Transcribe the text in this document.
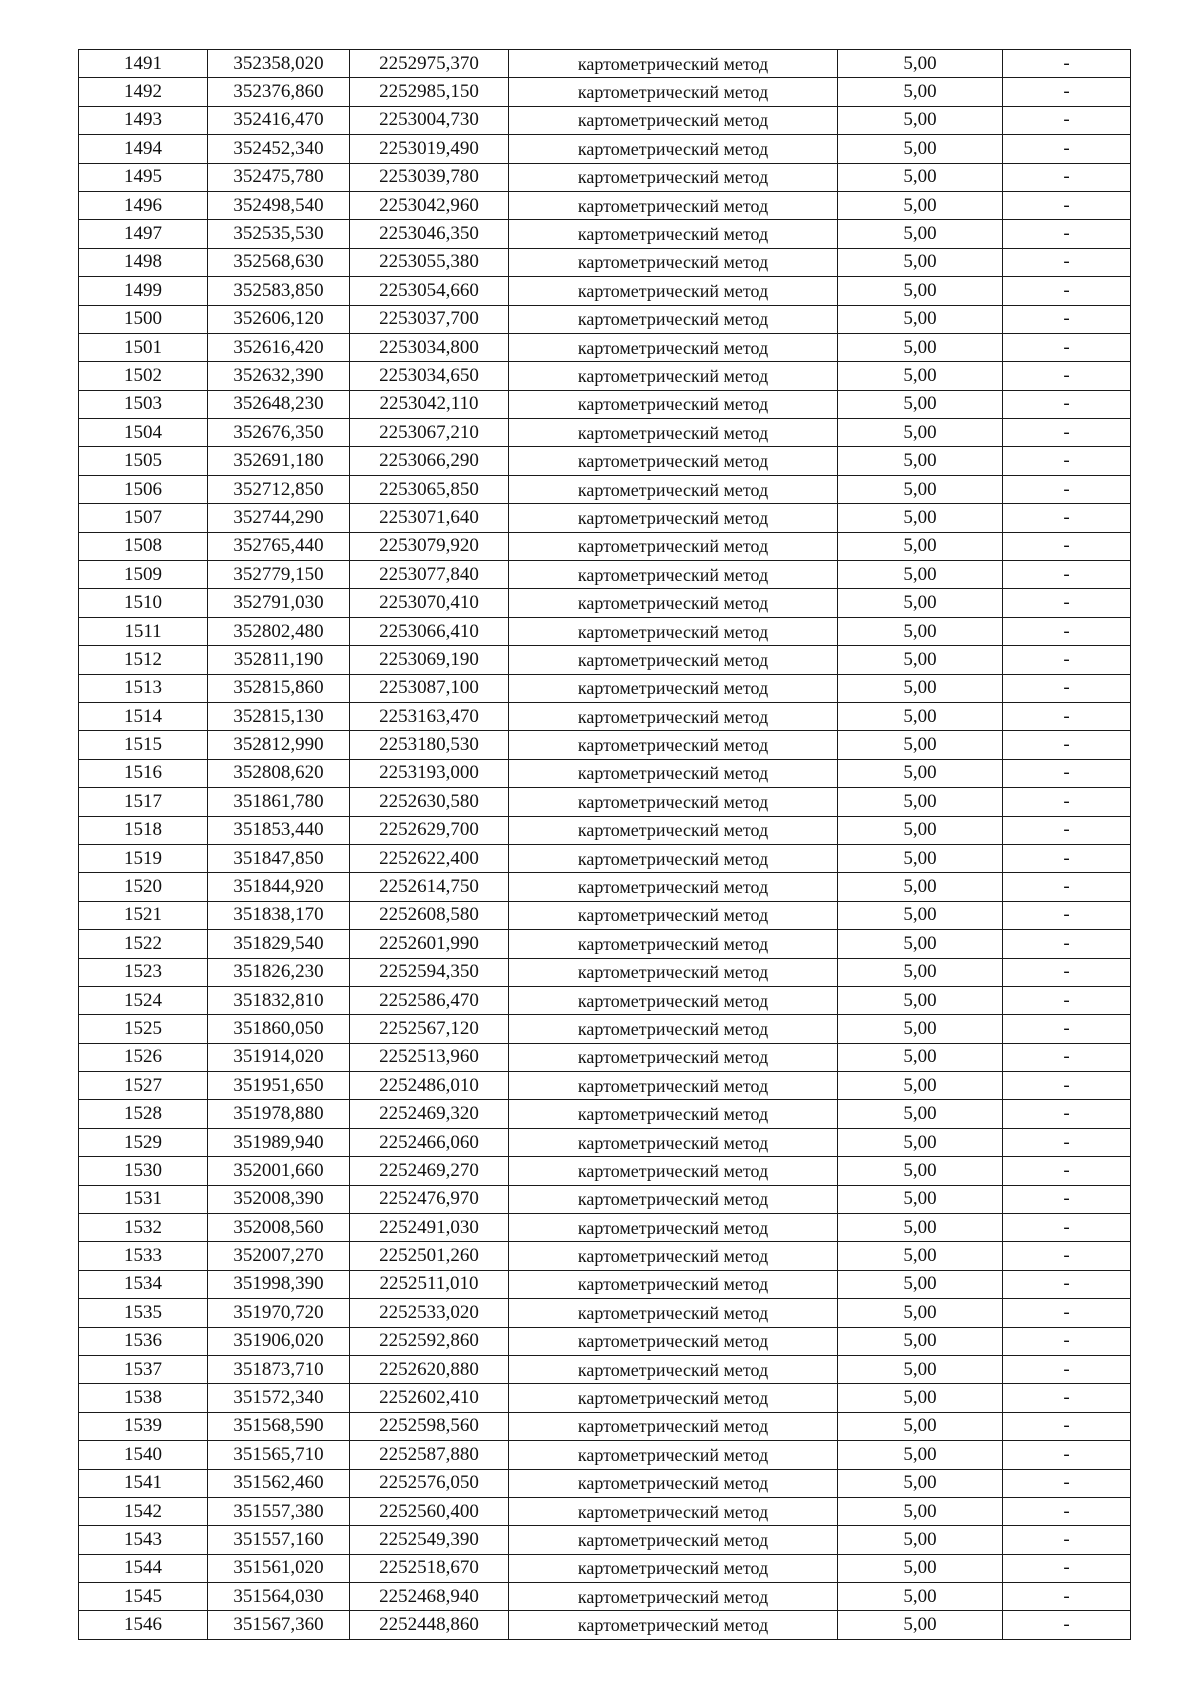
1491	352358,020	2252975,370	картометрический метод	5,00	-
1492	352376,860	2252985,150	картометрический метод	5,00	-
1493	352416,470	2253004,730	картометрический метод	5,00	-
1494	352452,340	2253019,490	картометрический метод	5,00	-
1495	352475,780	2253039,780	картометрический метод	5,00	-
1496	352498,540	2253042,960	картометрический метод	5,00	-
1497	352535,530	2253046,350	картометрический метод	5,00	-
1498	352568,630	2253055,380	картометрический метод	5,00	-
1499	352583,850	2253054,660	картометрический метод	5,00	-
1500	352606,120	2253037,700	картометрический метод	5,00	-
1501	352616,420	2253034,800	картометрический метод	5,00	-
1502	352632,390	2253034,650	картометрический метод	5,00	-
1503	352648,230	2253042,110	картометрический метод	5,00	-
1504	352676,350	2253067,210	картометрический метод	5,00	-
1505	352691,180	2253066,290	картометрический метод	5,00	-
1506	352712,850	2253065,850	картометрический метод	5,00	-
1507	352744,290	2253071,640	картометрический метод	5,00	-
1508	352765,440	2253079,920	картометрический метод	5,00	-
1509	352779,150	2253077,840	картометрический метод	5,00	-
1510	352791,030	2253070,410	картометрический метод	5,00	-
1511	352802,480	2253066,410	картометрический метод	5,00	-
1512	352811,190	2253069,190	картометрический метод	5,00	-
1513	352815,860	2253087,100	картометрический метод	5,00	-
1514	352815,130	2253163,470	картометрический метод	5,00	-
1515	352812,990	2253180,530	картометрический метод	5,00	-
1516	352808,620	2253193,000	картометрический метод	5,00	-
1517	351861,780	2252630,580	картометрический метод	5,00	-
1518	351853,440	2252629,700	картометрический метод	5,00	-
1519	351847,850	2252622,400	картометрический метод	5,00	-
1520	351844,920	2252614,750	картометрический метод	5,00	-
1521	351838,170	2252608,580	картометрический метод	5,00	-
1522	351829,540	2252601,990	картометрический метод	5,00	-
1523	351826,230	2252594,350	картометрический метод	5,00	-
1524	351832,810	2252586,470	картометрический метод	5,00	-
1525	351860,050	2252567,120	картометрический метод	5,00	-
1526	351914,020	2252513,960	картометрический метод	5,00	-
1527	351951,650	2252486,010	картометрический метод	5,00	-
1528	351978,880	2252469,320	картометрический метод	5,00	-
1529	351989,940	2252466,060	картометрический метод	5,00	-
1530	352001,660	2252469,270	картометрический метод	5,00	-
1531	352008,390	2252476,970	картометрический метод	5,00	-
1532	352008,560	2252491,030	картометрический метод	5,00	-
1533	352007,270	2252501,260	картометрический метод	5,00	-
1534	351998,390	2252511,010	картометрический метод	5,00	-
1535	351970,720	2252533,020	картометрический метод	5,00	-
1536	351906,020	2252592,860	картометрический метод	5,00	-
1537	351873,710	2252620,880	картометрический метод	5,00	-
1538	351572,340	2252602,410	картометрический метод	5,00	-
1539	351568,590	2252598,560	картометрический метод	5,00	-
1540	351565,710	2252587,880	картометрический метод	5,00	-
1541	351562,460	2252576,050	картометрический метод	5,00	-
1542	351557,380	2252560,400	картометрический метод	5,00	-
1543	351557,160	2252549,390	картометрический метод	5,00	-
1544	351561,020	2252518,670	картометрический метод	5,00	-
1545	351564,030	2252468,940	картометрический метод	5,00	-
1546	351567,360	2252448,860	картометрический метод	5,00	-
